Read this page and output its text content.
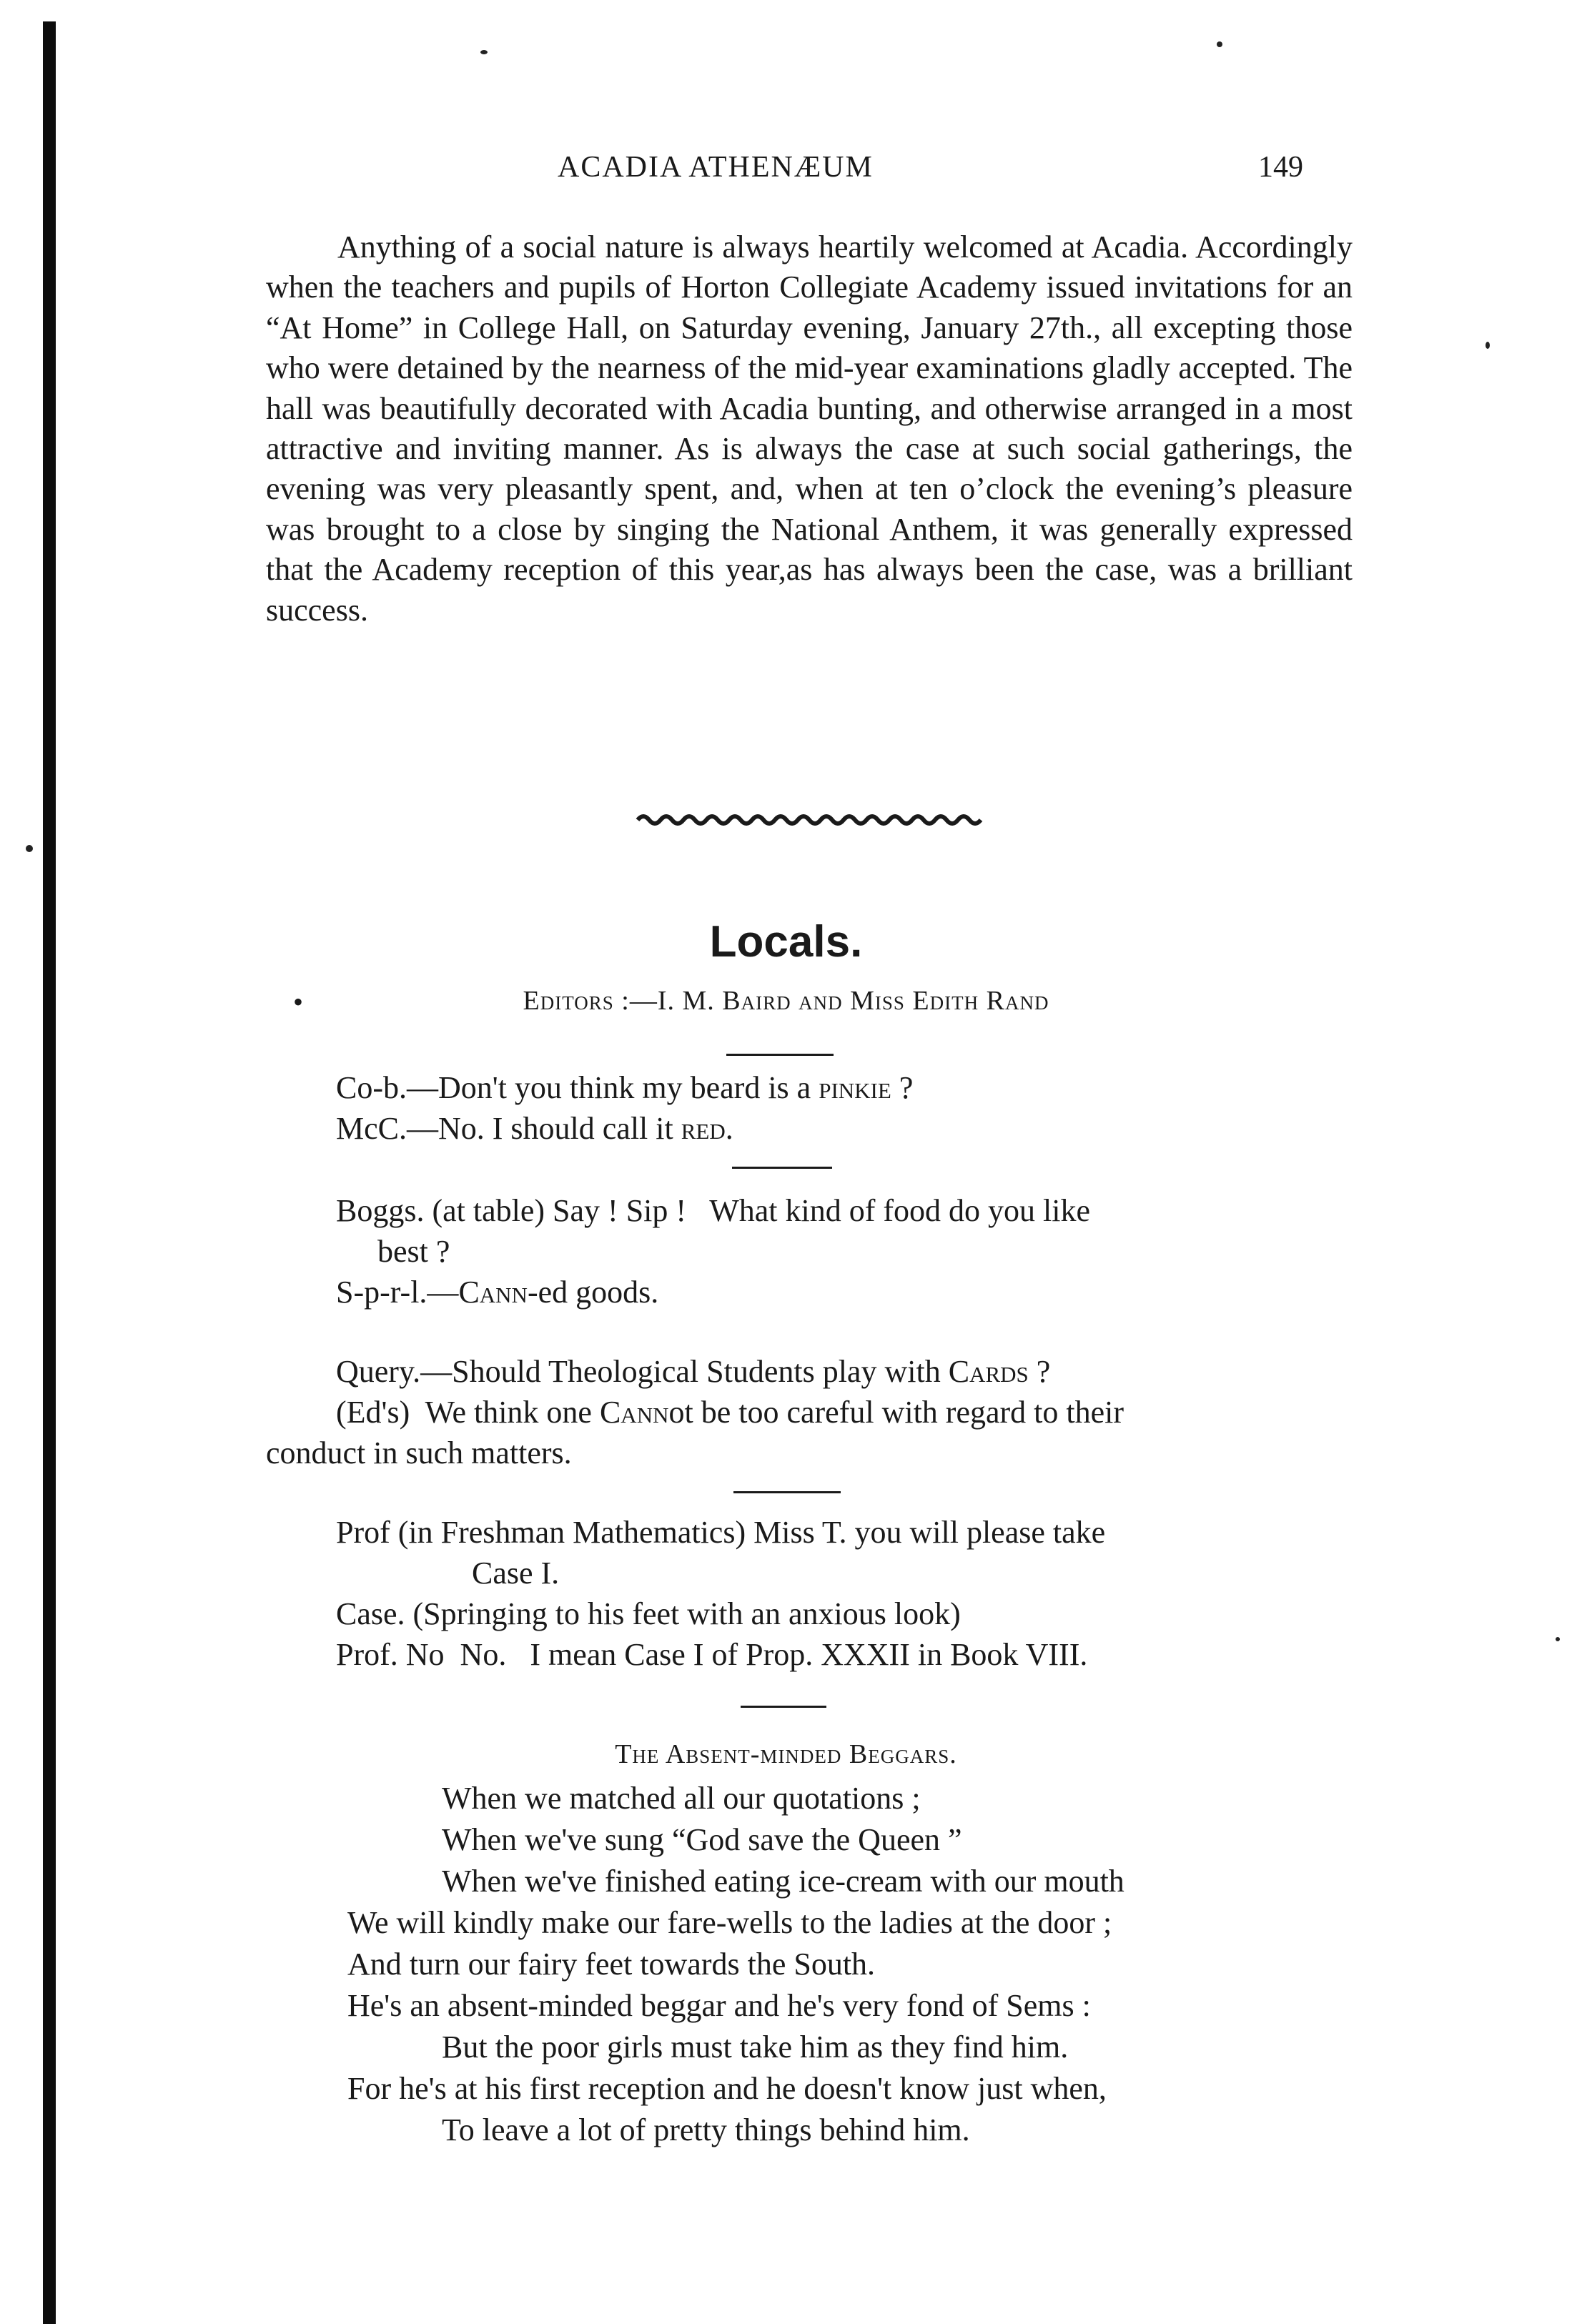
ACADIA ATHENÆUM	149

Anything of a social nature is always heartily welcomed at Acadia. Accordingly when the teachers and pupils of Horton Collegiate Academy issued invitations for an “At Home” in College Hall, on Saturday evening, January 27th., all excepting those who were detained by the nearness of the mid-year examinations gladly accepted. The hall was beautifully decorated with Acadia bunting, and otherwise arranged in a most attractive and inviting manner. As is always the case at such social gatherings, the evening was very pleasantly spent, and, when at ten o’clock the evening’s pleasure was brought to a close by singing the National Anthem, it was generally expressed that the Academy reception of this year,as has always been the case, was a brilliant success.

Locals.
•	Editors :—I. M. Baird and Miss Edith Rand

Co-b.—Don't you think my beard is a pinkie ?

McC.—No. I should call it red.

Boggs. (at table) Say ! Sip !   What kind of food do you like

best ?

S-p-r-l.—Cann-ed goods.

Query.—Should Theological Students play with Cards ?

(Ed's)  We think one Cannot be too careful with regard to their

conduct in such matters.

Prof (in Freshman Mathematics) Miss T. you will please take

Case I.

Case. (Springing to his feet with an anxious look)

Prof. No  No.   I mean Case I of Prop. XXXII in Book VIII.

The Absent-minded Beggars.

When we matched all our quotations ;

When we've sung “God save the Queen ”

When we've finished eating ice-cream with our mouth

We will kindly make our fare-wells to the ladies at the door ;

And turn our fairy feet towards the South.

He's an absent-minded beggar and he's very fond of Sems :

But the poor girls must take him as they find him.

For he's at his first reception and he doesn't know just when,

To leave a lot of pretty things behind him.
